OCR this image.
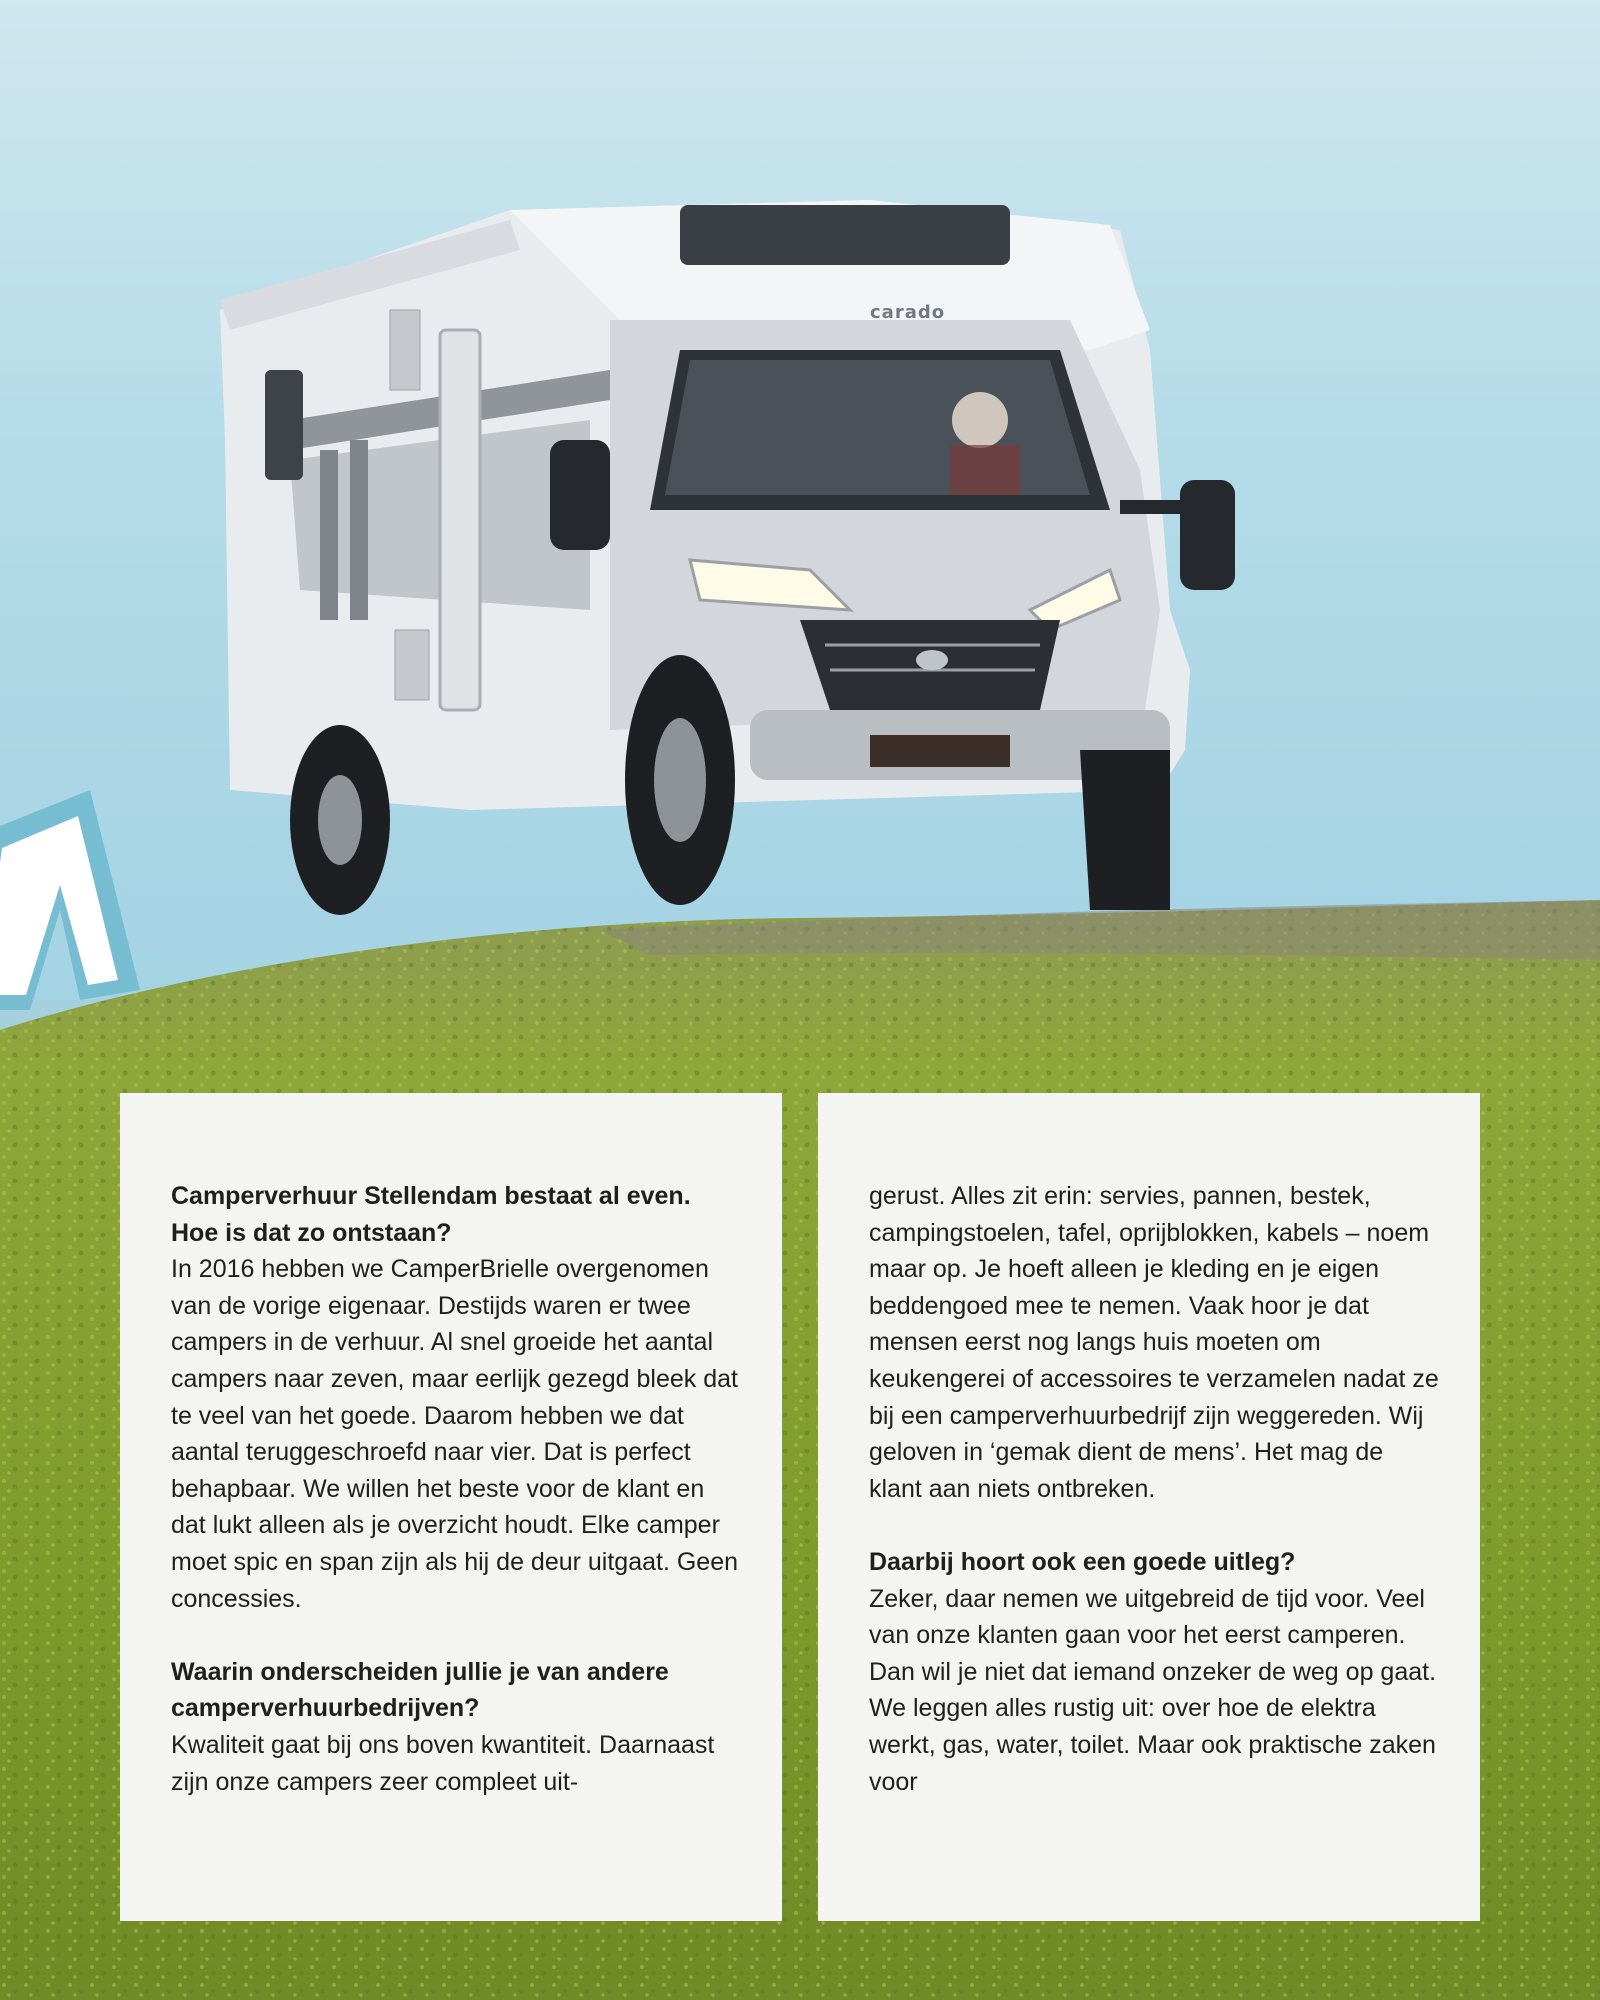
carado
Camperverhuur Stellendam bestaat al even. Hoe is dat zo ontstaan?
In 2016 hebben we CamperBrielle overgenomen van de vorige eigenaar. Destijds waren er twee campers in de verhuur. Al snel groeide het aantal campers naar zeven, maar eerlijk gezegd bleek dat te veel van het goede. Daarom hebben we dat aantal teruggeschroefd naar vier. Dat is perfect behapbaar. We willen het beste voor de klant en dat lukt alleen als je overzicht houdt. Elke camper moet spic en span zijn als hij de deur uitgaat. Geen concessies.
Waarin onderscheiden jullie je van andere camperverhuurbedrijven?
Kwaliteit gaat bij ons boven kwantiteit. Daarnaast zijn onze campers zeer compleet uit-
gerust. Alles zit erin: servies, pannen, bestek, campingstoelen, tafel, oprijblokken, kabels – noem maar op. Je hoeft alleen je kleding en je eigen beddengoed mee te nemen. Vaak hoor je dat mensen eerst nog langs huis moeten om keukengerei of accessoires te verzamelen nadat ze bij een camperverhuurbedrijf zijn weggereden. Wij geloven in ‘gemak dient de mens’. Het mag de klant aan niets ontbreken.
Daarbij hoort ook een goede uitleg?
Zeker, daar nemen we uitgebreid de tijd voor. Veel van onze klanten gaan voor het eerst camperen. Dan wil je niet dat iemand onzeker de weg op gaat. We leggen alles rustig uit: over hoe de elektra werkt, gas, water, toilet. Maar ook praktische zaken voor
